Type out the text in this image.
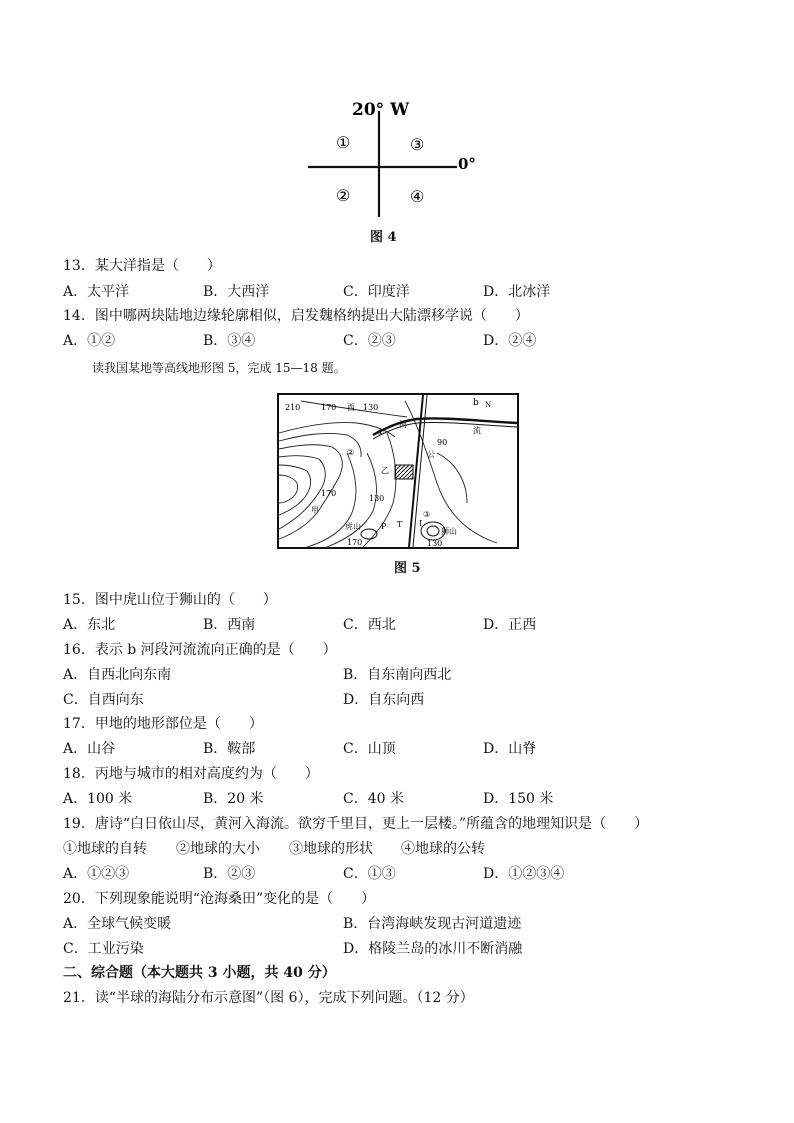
20° W
0°
①	③
②	④
图 4
13．某大洋指是（　　）
A．太平洋	B．大西洋	C．印度洋	D．北冰洋
14．图中哪两块陆地边缘轮廓相似，启发魏格纳提出大陆漂移学说（　　）
A．①②	B．③④	C．②③	D．②④
读我国某地等高线地形图 5，完成 15—18 题。
210	170 西 130	b N
河
流
①
②
90
公
乙
170
130
甲
虎山	P T L
③
狮山
170	130
图 5
15．图中虎山位于狮山的（　　）
A．东北	B．西南	C．西北	D．正西
16．表示 b 河段河流流向正确的是（　　）
A．自西北向东南	B．自东南向西北
C．自西向东	D．自东向西
17．甲地的地形部位是（　　）
A．山谷	B．鞍部	C．山顶	D．山脊
18．丙地与城市的相对高度约为（　　）
A．100 米	B．20 米	C．40 米	D．150 米
19．唐诗“白日依山尽，黄河入海流。欲穷千里目，更上一层楼。”所蕴含的地理知识是（　　）
①地球的自转 ②地球的大小 ③地球的形状 ④地球的公转
A．①②③	B．②③	C．①③	D．①②③④
20．下列现象能说明“沧海桑田”变化的是（　　）
A．全球气候变暖	B．台湾海峡发现古河道遗迹
C．工业污染	D．格陵兰岛的冰川不断消融
二、综合题（本大题共 3 小题，共 40 分）
21．读“半球的海陆分布示意图”（图 6），完成下列问题。（12 分）
